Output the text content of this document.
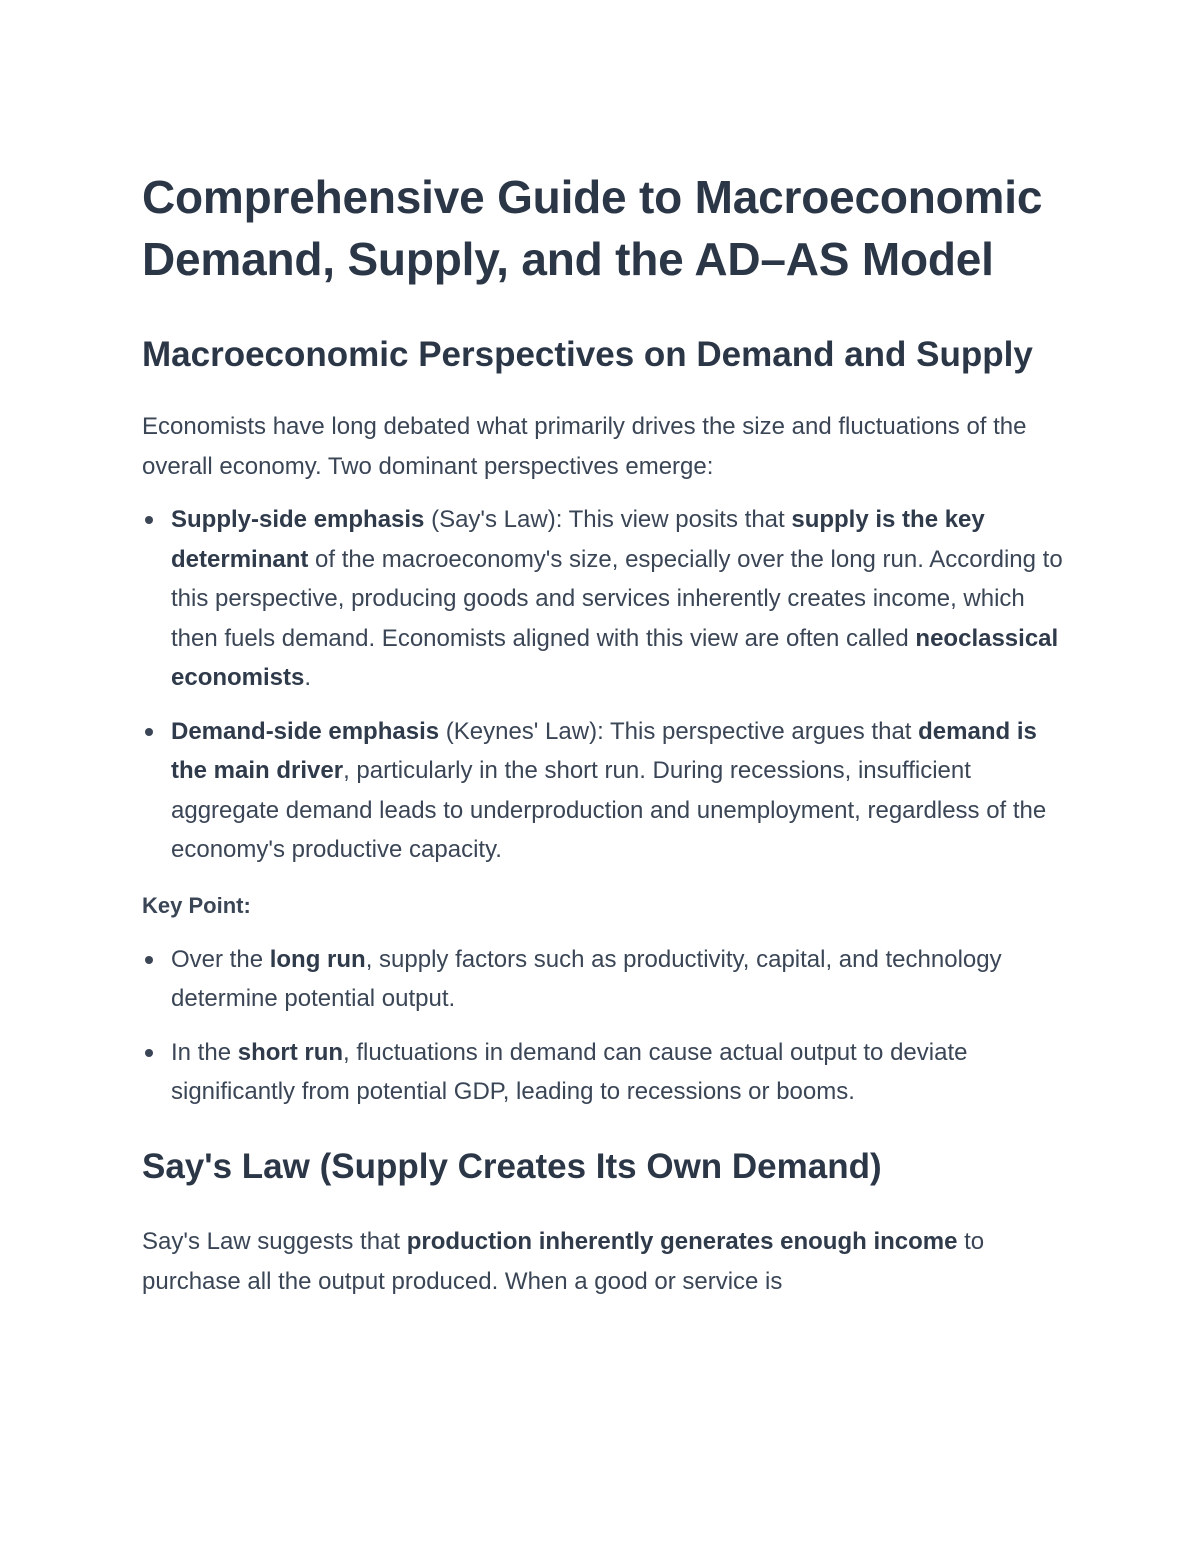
Comprehensive Guide to Macroeconomic Demand, Supply, and the AD–AS Model
Macroeconomic Perspectives on Demand and Supply

Economists have long debated what primarily drives the size and fluctuations of the overall economy. Two dominant perspectives emerge:

Supply-side emphasis (Say's Law): This view posits that supply is the key determinant of the macroeconomy's size, especially over the long run. According to this perspective, producing goods and services inherently creates income, which then fuels demand. Economists aligned with this view are often called neoclassical economists.
Demand-side emphasis (Keynes' Law): This perspective argues that demand is the main driver, particularly in the short run. During recessions, insufficient aggregate demand leads to underproduction and unemployment, regardless of the economy's productive capacity.

Key Point:

Over the long run, supply factors such as productivity, capital, and technology determine potential output.
In the short run, fluctuations in demand can cause actual output to deviate significantly from potential GDP, leading to recessions or booms.
Say's Law (Supply Creates Its Own Demand)

Say's Law suggests that production inherently generates enough income to purchase all the output produced. When a good or service is
